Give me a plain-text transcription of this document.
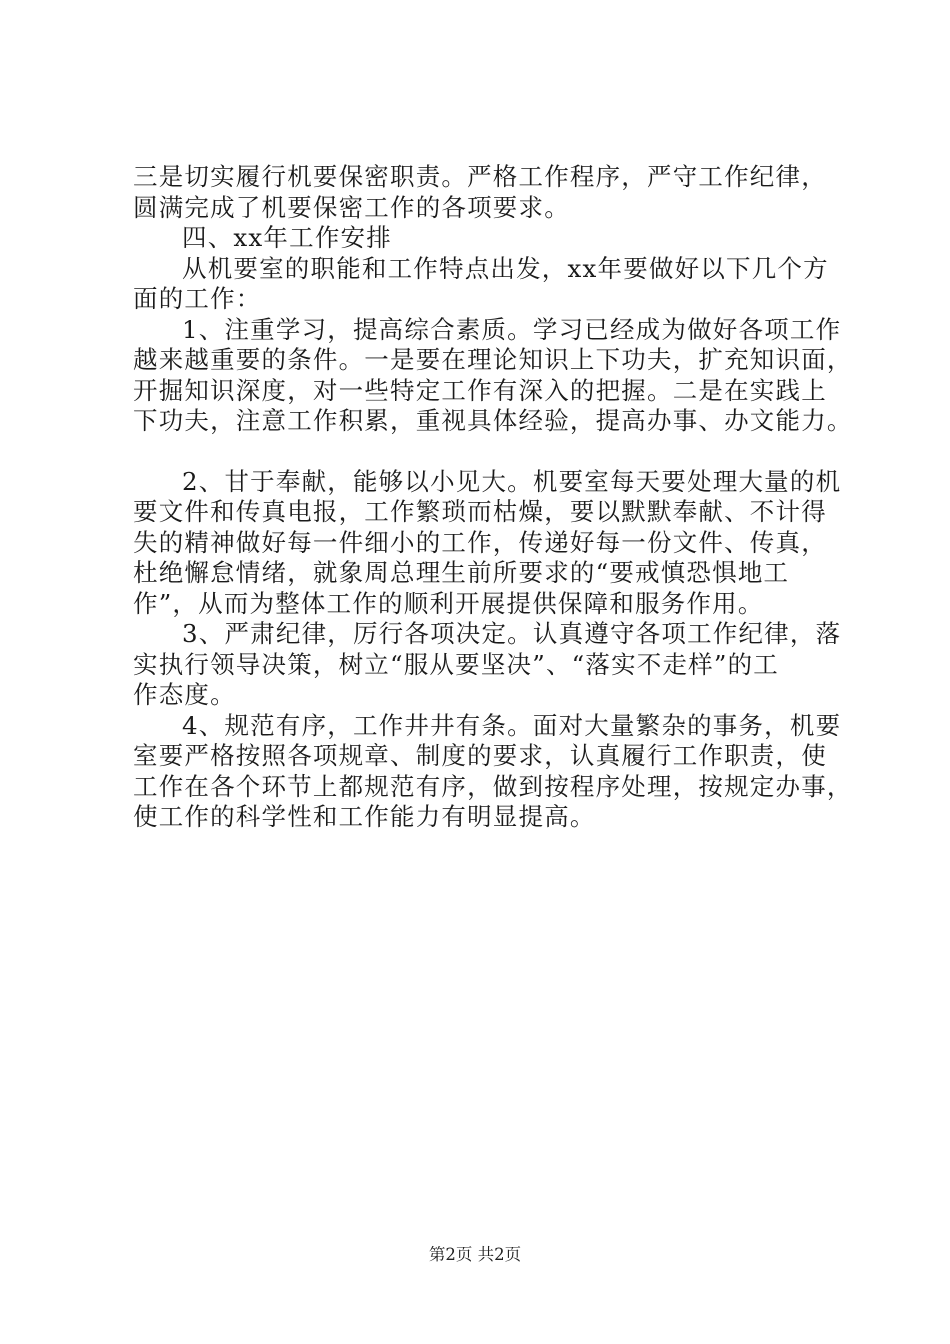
三是切实履行机要保密职责。严格工作程序，严守工作纪律，
圆满完成了机要保密工作的各项要求。
四、xx年工作安排
从机要室的职能和工作特点出发，xx年要做好以下几个方
面的工作：
1、注重学习，提高综合素质。学习已经成为做好各项工作
越来越重要的条件。一是要在理论知识上下功夫，扩充知识面，
开掘知识深度，对一些特定工作有深入的把握。二是在实践上
下功夫，注意工作积累，重视具体经验，提高办事、办文能力。
2、甘于奉献，能够以小见大。机要室每天要处理大量的机
要文件和传真电报，工作繁琐而枯燥，要以默默奉献、不计得
失的精神做好每一件细小的工作，传递好每一份文件、传真，
杜绝懈怠情绪，就象周总理生前所要求的“要戒慎恐惧地工
作”，从而为整体工作的顺利开展提供保障和服务作用。
3、严肃纪律，厉行各项决定。认真遵守各项工作纪律，落
实执行领导决策，树立“服从要坚决”、“落实不走样”的工
作态度。
4、规范有序，工作井井有条。面对大量繁杂的事务，机要
室要严格按照各项规章、制度的要求，认真履行工作职责，使
工作在各个环节上都规范有序，做到按程序处理，按规定办事，
使工作的科学性和工作能力有明显提高。
第2页 共2页
